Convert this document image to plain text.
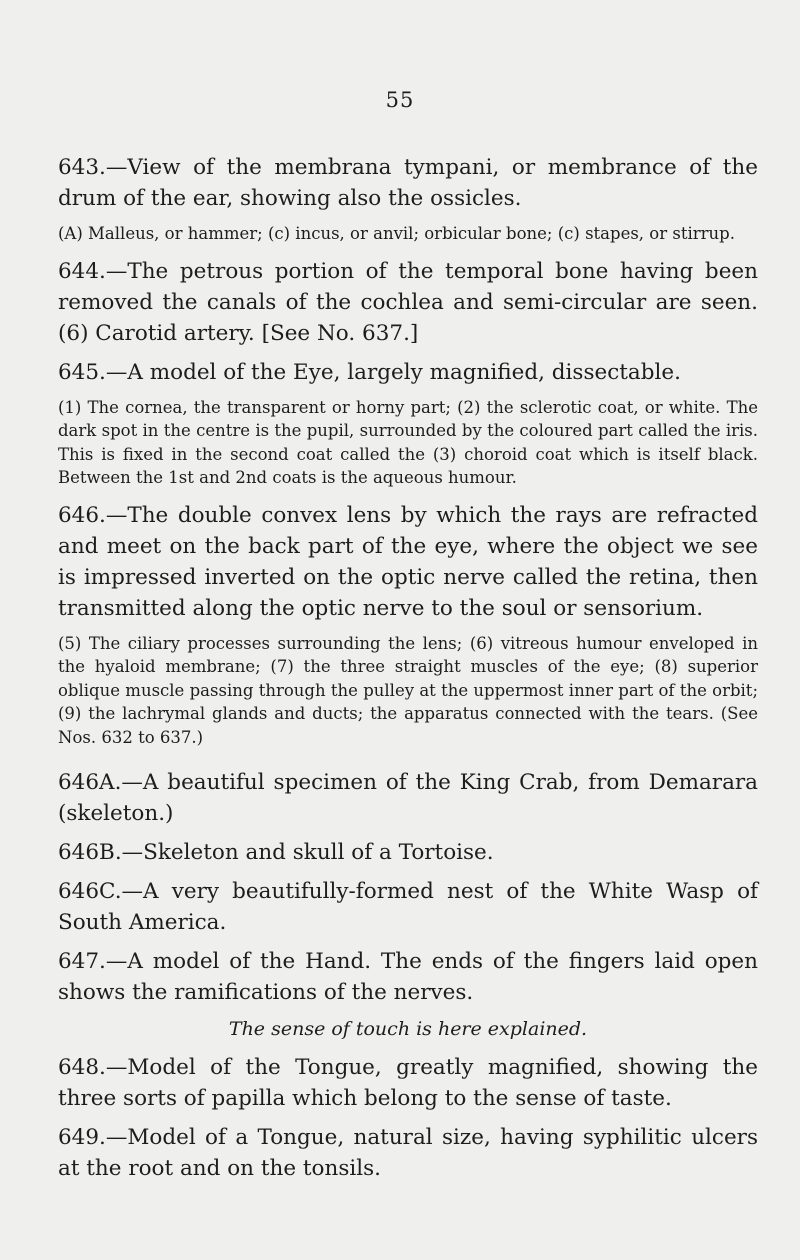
55

643.—View of the membrana tympani, or membrance of the drum of the ear, showing also the ossicles.

(A) Malleus, or hammer; (c) incus, or anvil; orbicular bone; (c) stapes, or stirrup.

644.—The petrous portion of the temporal bone having been removed the canals of the cochlea and semi-circular are seen. (6) Carotid artery. [See No. 637.]

645.—A model of the Eye, largely magnified, dissectable.

(1) The cornea, the transparent or horny part; (2) the sclerotic coat, or white. The dark spot in the centre is the pupil, surrounded by the coloured part called the iris. This is fixed in the second coat called the (3) choroid coat which is itself black. Between the 1st and 2nd coats is the aqueous humour.

646.—The double convex lens by which the rays are refracted and meet on the back part of the eye, where the object we see is impressed inverted on the optic nerve called the retina, then transmitted along the optic nerve to the soul or sensorium.

(5) The ciliary processes surrounding the lens; (6) vitreous humour enveloped in the hyaloid membrane; (7) the three straight muscles of the eye; (8) superior oblique muscle passing through the pulley at the uppermost inner part of the orbit; (9) the lachrymal glands and ducts; the apparatus connected with the tears. (See Nos. 632 to 637.)

646A.—A beautiful specimen of the King Crab, from Demarara (skeleton.)

646B.—Skeleton and skull of a Tortoise.

646C.—A very beautifully-formed nest of the White Wasp of South America.

647.—A model of the Hand. The ends of the fingers laid open shows the ramifications of the nerves.

The sense of touch is here explained.

648.—Model of the Tongue, greatly magnified, showing the three sorts of papilla which belong to the sense of taste.

649.—Model of a Tongue, natural size, having syphilitic ulcers at the root and on the tonsils.
